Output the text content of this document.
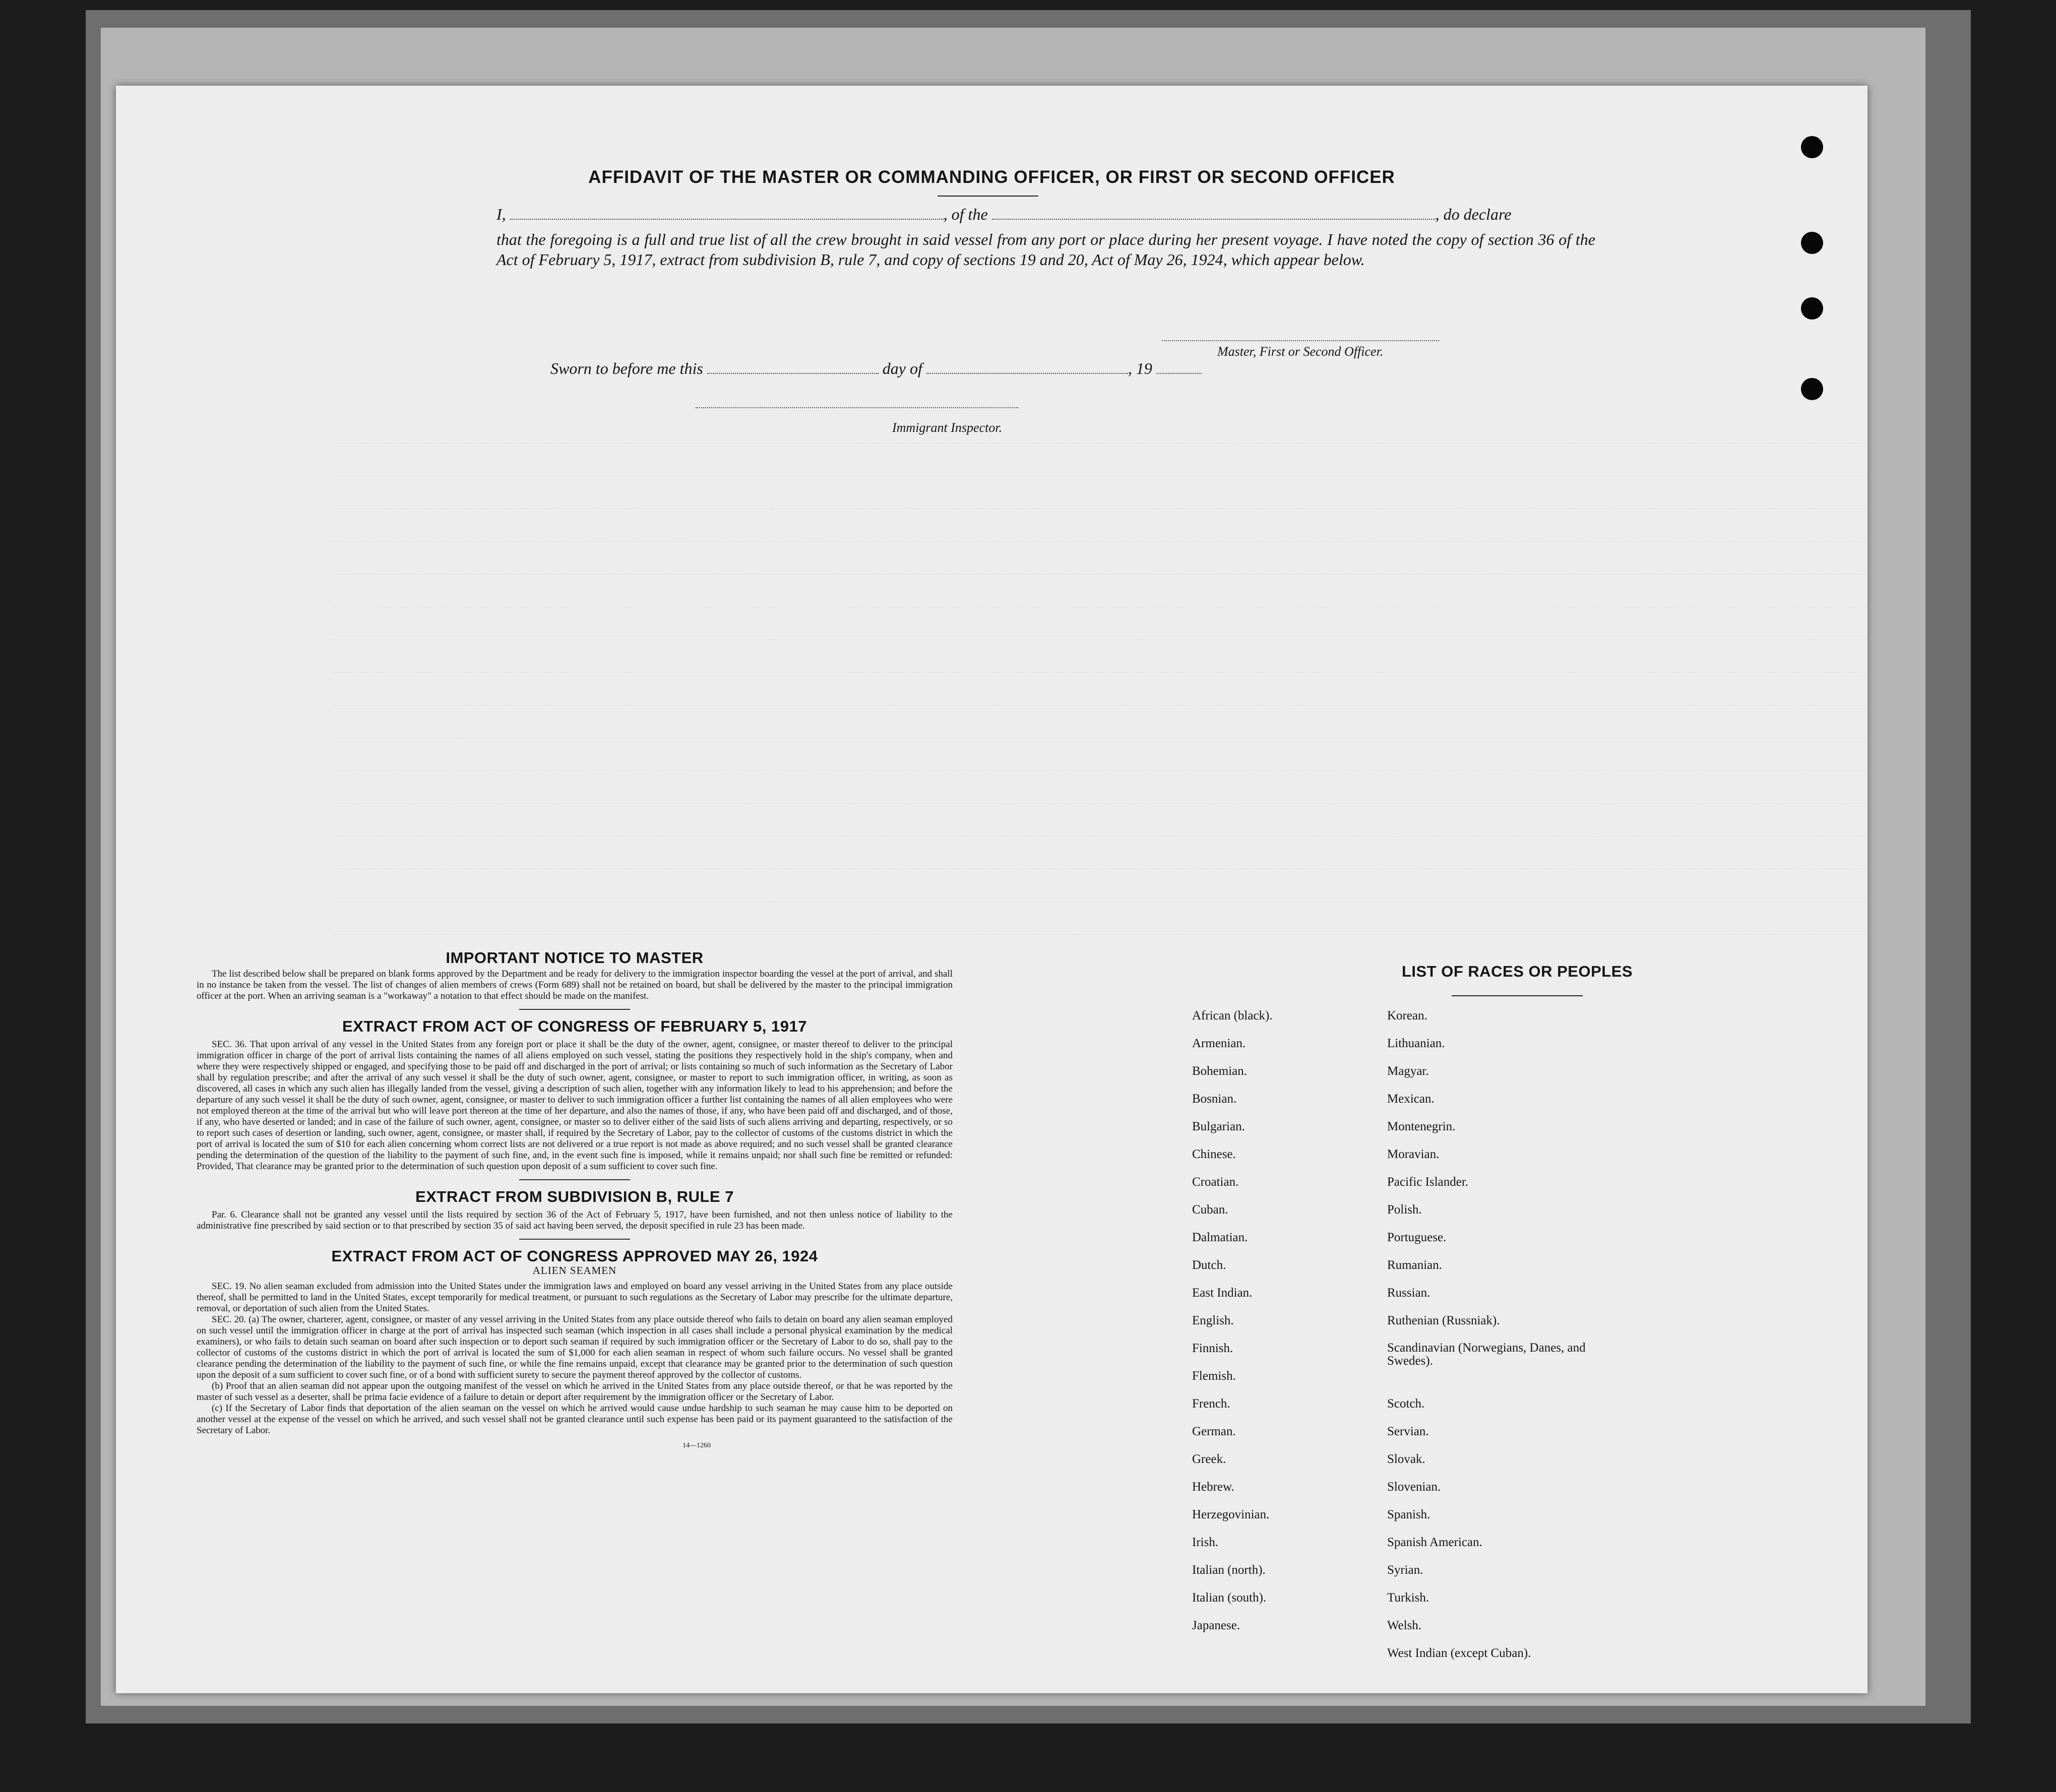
AFFIDAVIT OF THE MASTER OR COMMANDING OFFICER, OR FIRST OR SECOND OFFICER
I,	, of the	, do declare
that the foregoing is a full and true list of all the crew brought in said vessel from any port or place during her present voyage. I have noted the copy of section 36 of the Act of February 5, 1917, extract from subdivision B, rule 7, and copy of sections 19 and 20, Act of May 26, 1924, which appear below.
Master, First or Second Officer.
Sworn to before me this	day of	, 19
Immigrant Inspector.
IMPORTANT NOTICE TO MASTER

The list described below shall be prepared on blank forms approved by the Department and be ready for delivery to the immigration inspector boarding the vessel at the port of arrival, and shall in no instance be taken from the vessel. The list of changes of alien members of crews (Form 689) shall not be retained on board, but shall be delivered by the master to the principal immigration officer at the port. When an arriving seaman is a "workaway" a notation to that effect should be made on the manifest.

EXTRACT FROM ACT OF CONGRESS OF FEBRUARY 5, 1917

SEC. 36. That upon arrival of any vessel in the United States from any foreign port or place it shall be the duty of the owner, agent, consignee, or master thereof to deliver to the principal immigration officer in charge of the port of arrival lists containing the names of all aliens employed on such vessel, stating the positions they respectively hold in the ship's company, when and where they were respectively shipped or engaged, and specifying those to be paid off and discharged in the port of arrival; or lists containing so much of such information as the Secretary of Labor shall by regulation prescribe; and after the arrival of any such vessel it shall be the duty of such owner, agent, consignee, or master to report to such immigration officer, in writing, as soon as discovered, all cases in which any such alien has illegally landed from the vessel, giving a description of such alien, together with any information likely to lead to his apprehension; and before the departure of any such vessel it shall be the duty of such owner, agent, consignee, or master to deliver to such immigration officer a further list containing the names of all alien employees who were not employed thereon at the time of the arrival but who will leave port thereon at the time of her departure, and also the names of those, if any, who have been paid off and discharged, and of those, if any, who have deserted or landed; and in case of the failure of such owner, agent, consignee, or master so to deliver either of the said lists of such aliens arriving and departing, respectively, or so to report such cases of desertion or landing, such owner, agent, consignee, or master shall, if required by the Secretary of Labor, pay to the collector of customs of the customs district in which the port of arrival is located the sum of $10 for each alien concerning whom correct lists are not delivered or a true report is not made as above required; and no such vessel shall be granted clearance pending the determination of the question of the liability to the payment of such fine, and, in the event such fine is imposed, while it remains unpaid; nor shall such fine be remitted or refunded: Provided, That clearance may be granted prior to the determination of such question upon deposit of a sum sufficient to cover such fine.

EXTRACT FROM SUBDIVISION B, RULE 7

Par. 6. Clearance shall not be granted any vessel until the lists required by section 36 of the Act of February 5, 1917, have been furnished, and not then unless notice of liability to the administrative fine prescribed by said section or to that prescribed by section 35 of said act having been served, the deposit specified in rule 23 has been made.

EXTRACT FROM ACT OF CONGRESS APPROVED MAY 26, 1924
ALIEN SEAMEN

SEC. 19. No alien seaman excluded from admission into the United States under the immigration laws and employed on board any vessel arriving in the United States from any place outside thereof, shall be permitted to land in the United States, except temporarily for medical treatment, or pursuant to such regulations as the Secretary of Labor may prescribe for the ultimate departure, removal, or deportation of such alien from the United States.

SEC. 20. (a) The owner, charterer, agent, consignee, or master of any vessel arriving in the United States from any place outside thereof who fails to detain on board any alien seaman employed on such vessel until the immigration officer in charge at the port of arrival has inspected such seaman (which inspection in all cases shall include a personal physical examination by the medical examiners), or who fails to detain such seaman on board after such inspection or to deport such seaman if required by such immigration officer or the Secretary of Labor to do so, shall pay to the collector of customs of the customs district in which the port of arrival is located the sum of $1,000 for each alien seaman in respect of whom such failure occurs. No vessel shall be granted clearance pending the determination of the liability to the payment of such fine, or while the fine remains unpaid, except that clearance may be granted prior to the determination of such question upon the deposit of a sum sufficient to cover such fine, or of a bond with sufficient surety to secure the payment thereof approved by the collector of customs.

(b) Proof that an alien seaman did not appear upon the outgoing manifest of the vessel on which he arrived in the United States from any place outside thereof, or that he was reported by the master of such vessel as a deserter, shall be prima facie evidence of a failure to detain or deport after requirement by the immigration officer or the Secretary of Labor.

(c) If the Secretary of Labor finds that deportation of the alien seaman on the vessel on which he arrived would cause undue hardship to such seaman he may cause him to be deported on another vessel at the expense of the vessel on which he arrived, and such vessel shall not be granted clearance until such expense has been paid or its payment guaranteed to the satisfaction of the Secretary of Labor.

14—1260
LIST OF RACES OR PEOPLES
African (black).
Armenian.
Bohemian.
Bosnian.
Bulgarian.
Chinese.
Croatian.
Cuban.
Dalmatian.
Dutch.
East Indian.
English.
Finnish.
Flemish.
French.
German.
Greek.
Hebrew.
Herzegovinian.
Irish.
Italian (north).
Italian (south).
Japanese.
Korean.
Lithuanian.
Magyar.
Mexican.
Montenegrin.
Moravian.
Pacific Islander.
Polish.
Portuguese.
Rumanian.
Russian.
Ruthenian (Russniak).
Scandinavian (Norwegians, Danes, and Swedes).
Scotch.
Servian.
Slovak.
Slovenian.
Spanish.
Spanish American.
Syrian.
Turkish.
Welsh.
West Indian (except Cuban).
